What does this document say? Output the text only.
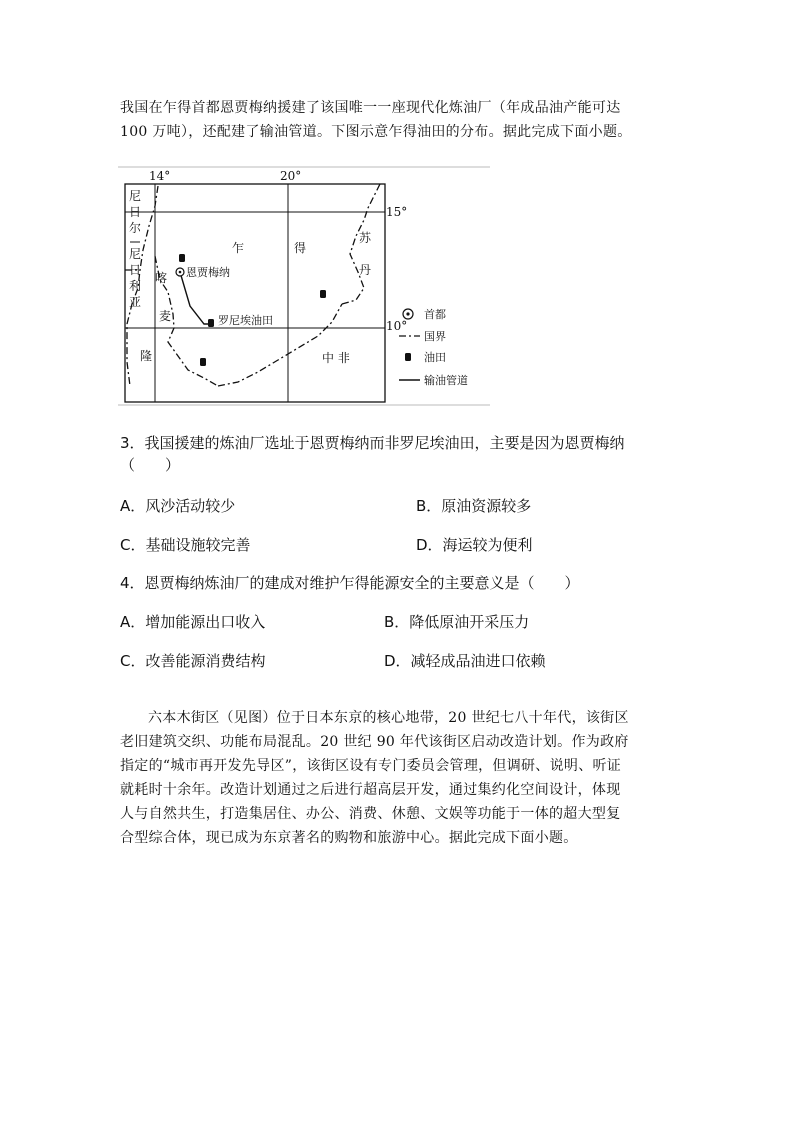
我国在乍得首都恩贾梅纳援建了该国唯一一座现代化炼油厂（年成品油产能可达

100 万吨），还配建了输油管道。下图示意乍得油田的分布。据此完成下面小题。

14°	20°
15°
10°
恩贾梅纳
罗尼埃油田
尼
日
尔
尼
日
利
亚
喀
麦
隆
乍	得
苏
丹
中 非
首都
国界
油田
输油管道
3．我国援建的炼油厂选址于恩贾梅纳而非罗尼埃油田，主要是因为恩贾梅纳
（　　）
A．风沙活动较少	B．原油资源较多
C．基础设施较完善	D．海运较为便利
4．恩贾梅纳炼油厂的建成对维护乍得能源安全的主要意义是（　　）
A．增加能源出口收入	B．降低原油开采压力
C．改善能源消费结构	D．减轻成品油进口依赖

六本木街区（见图）位于日本东京的核心地带，20 世纪七八十年代，该街区

老旧建筑交织、功能布局混乱。20 世纪 90 年代该街区启动改造计划。作为政府

指定的“城市再开发先导区”，该街区设有专门委员会管理，但调研、说明、听证

就耗时十余年。改造计划通过之后进行超高层开发，通过集约化空间设计，体现

人与自然共生，打造集居住、办公、消费、休憩、文娱等功能于一体的超大型复

合型综合体，现已成为东京著名的购物和旅游中心。据此完成下面小题。
